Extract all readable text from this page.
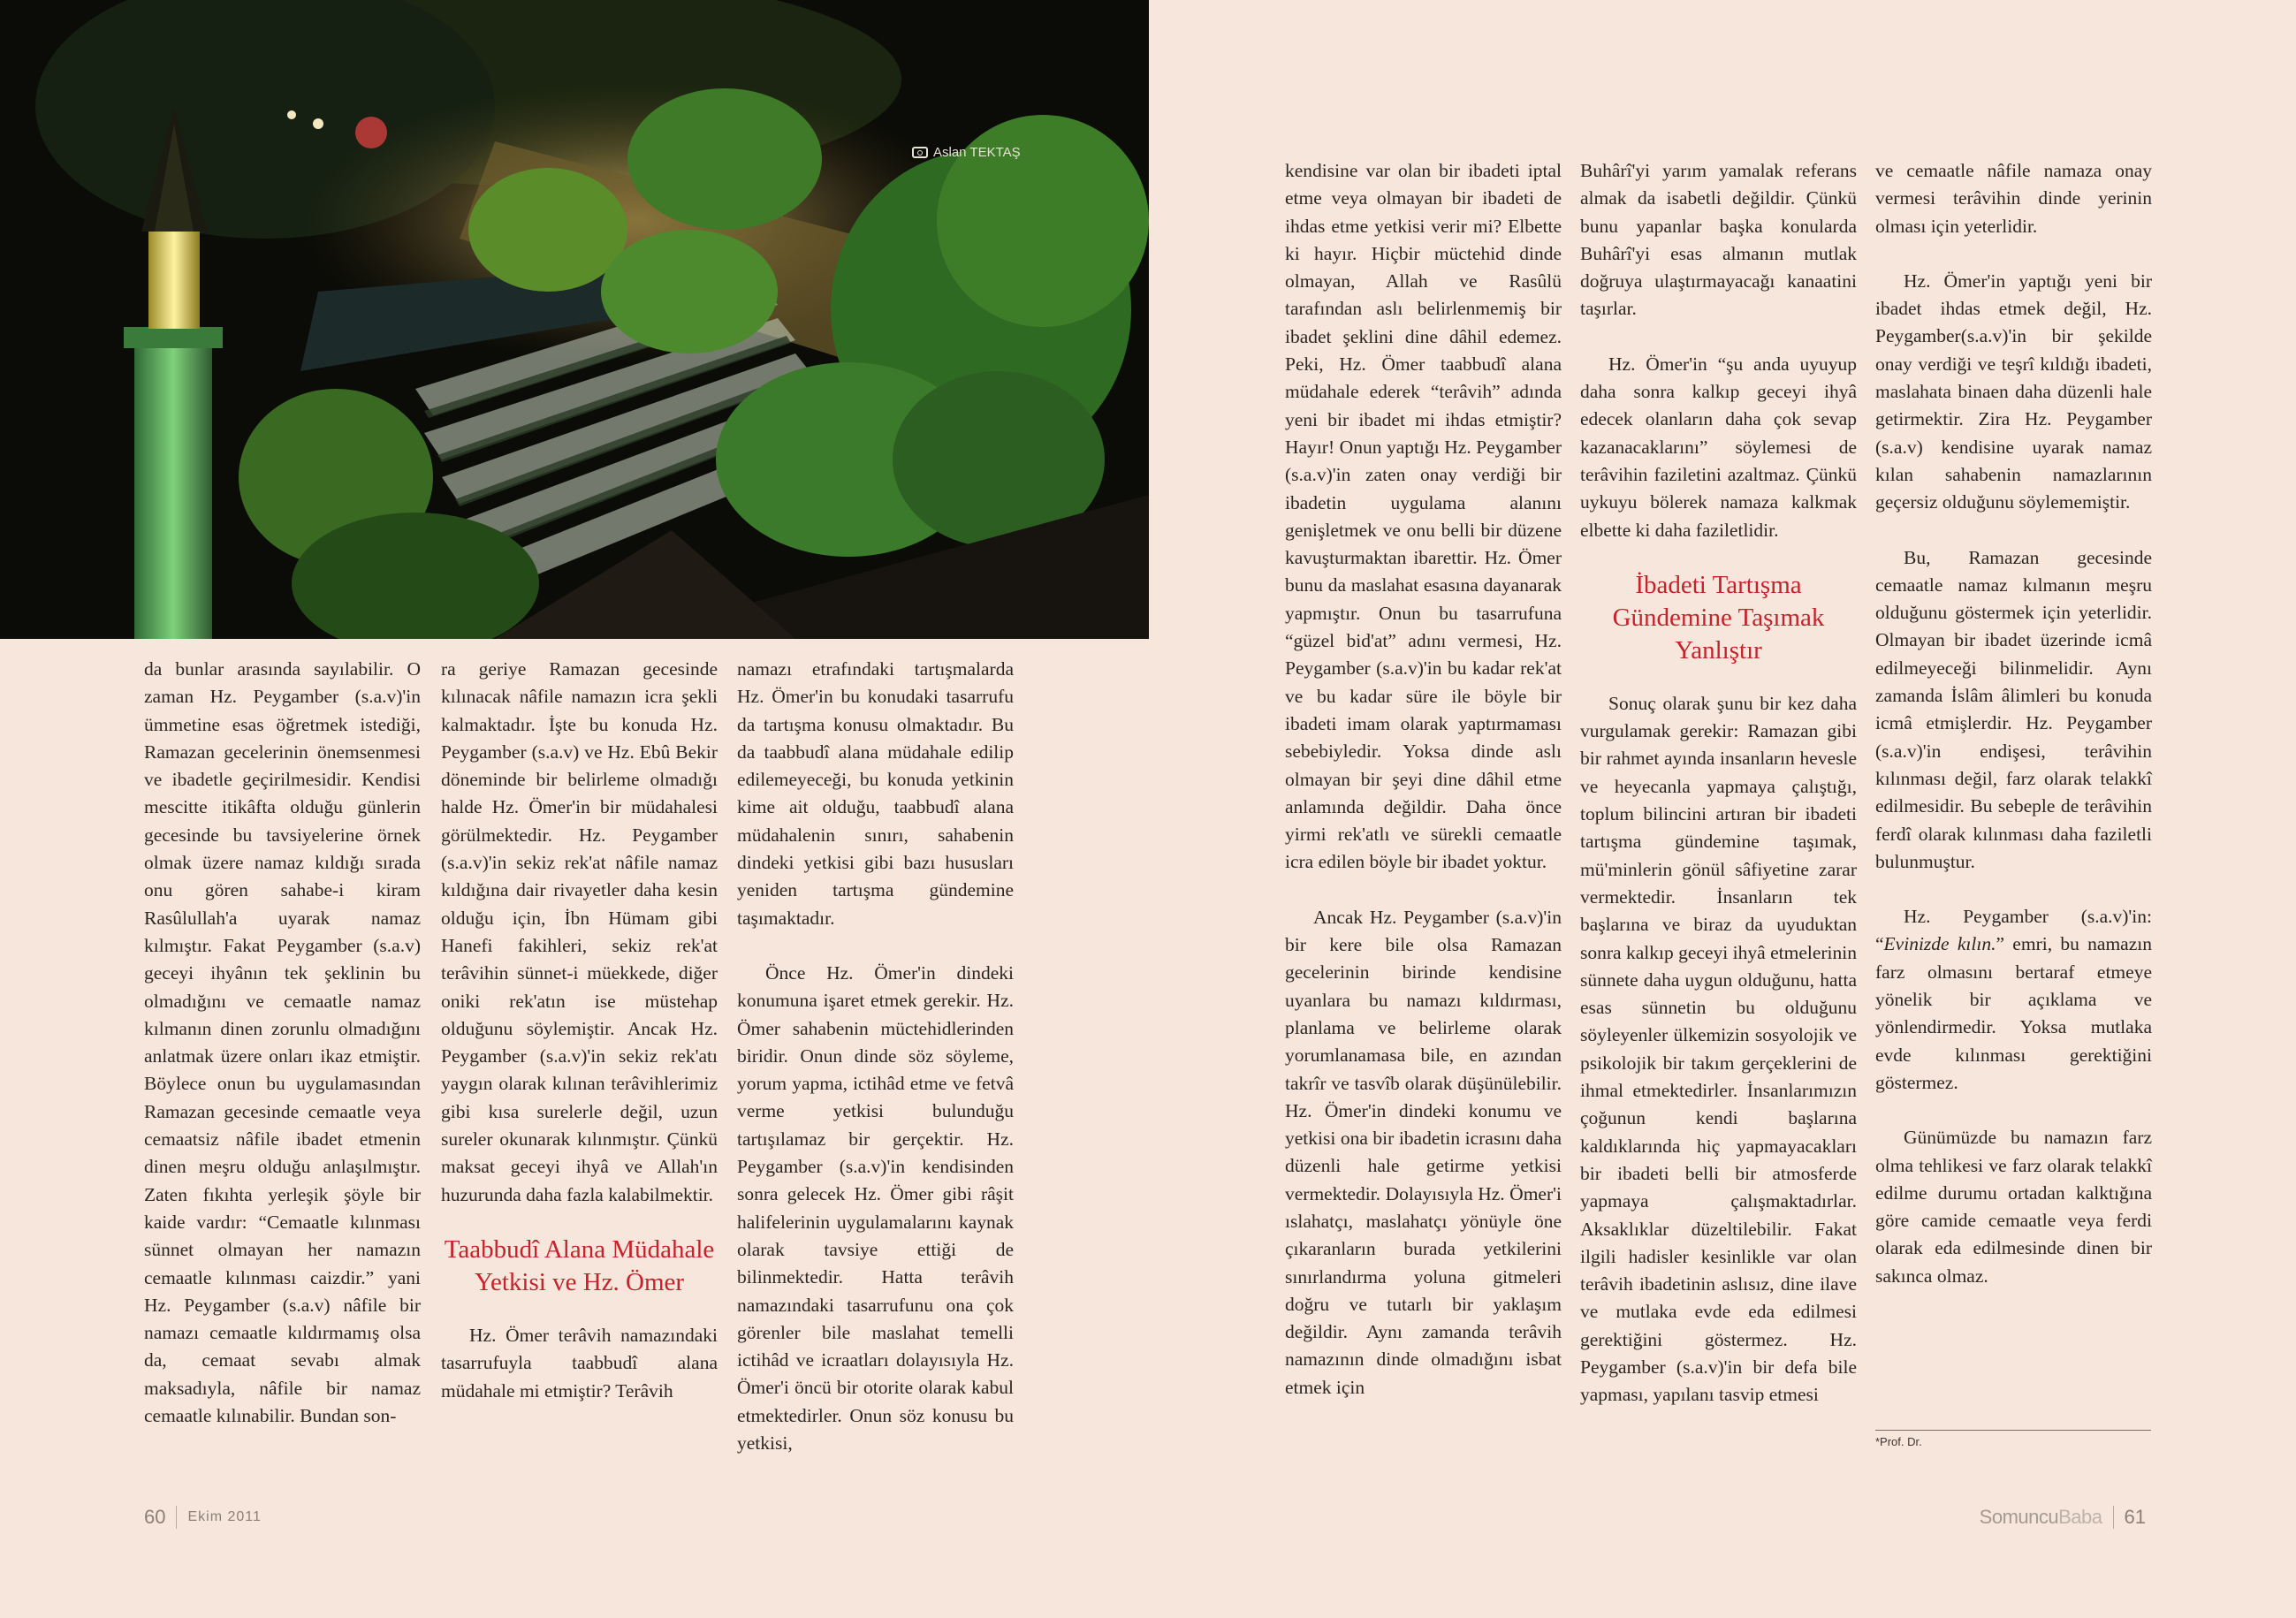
Aslan TEKTAŞ

da bunlar arasında sayılabilir. O zaman Hz. Peygamber (s.a.v)'in ümmetine esas öğretmek istediği, Ramazan gecelerinin önemsenmesi ve ibadetle geçirilmesidir. Kendisi mescitte itikâfta olduğu günlerin gecesinde bu tavsiyelerine örnek olmak üzere namaz kıldığı sırada onu gören sahabe-i kiram Rasûlullah'a uyarak namaz kılmıştır. Fakat Peygamber (s.a.v) geceyi ihyânın tek şeklinin bu olmadığını ve cemaatle namaz kılmanın dinen zorunlu olmadığını anlatmak üzere onları ikaz etmiştir. Böylece onun bu uygulamasından Ramazan gecesinde cemaatle veya cemaatsiz nâfile ibadet etmenin dinen meşru olduğu anlaşılmıştır. Zaten fıkıhta yerleşik şöyle bir kaide vardır: “Cemaatle kılınması sünnet olmayan her namazın cemaatle kılınması caizdir.” yani Hz. Peygamber (s.a.v) nâfile bir namazı cemaatle kıldırmamış olsa da, cemaat sevabı almak maksadıyla, nâfile bir namaz cemaatle kılınabilir. Bundan son-

ra geriye Ramazan gecesinde kılınacak nâfile namazın icra şekli kalmaktadır. İşte bu konuda Hz. Peygamber (s.a.v) ve Hz. Ebû Bekir döneminde bir belirleme olmadığı halde Hz. Ömer'in bir müdahalesi görülmektedir. Hz. Peygamber (s.a.v)'in sekiz rek'at nâfile namaz kıldığına dair rivayetler daha kesin olduğu için, İbn Hümam gibi Hanefi fakihleri, sekiz rek'at terâvihin sünnet-i müekkede, diğer oniki rek'atın ise müstehap olduğunu söylemiştir. Ancak Hz. Peygamber (s.a.v)'in sekiz rek'atı yaygın olarak kılınan terâvihlerimiz gibi kısa surelerle değil, uzun sureler okunarak kılınmıştır. Çünkü maksat geceyi ihyâ ve Allah'ın huzurunda daha fazla kalabilmektir.

Taabbudî Alana Müdahale Yetkisi ve Hz. Ömer

Hz. Ömer terâvih namazındaki tasarrufuyla taabbudî alana müdahale mi etmiştir? Terâvih

namazı etrafındaki tartışmalarda Hz. Ömer'in bu konudaki tasarrufu da tartışma konusu olmaktadır. Bu da taabbudî alana müdahale edilip edilemeyeceği, bu konuda yetkinin kime ait olduğu, taabbudî alana müdahalenin sınırı, sahabenin dindeki yetkisi gibi bazı hususları yeniden tartışma gündemine taşımaktadır.

Önce Hz. Ömer'in dindeki konumuna işaret etmek gerekir. Hz. Ömer sahabenin müctehidlerinden biridir. Onun dinde söz söyleme, yorum yapma, ictihâd etme ve fetvâ verme yetkisi bulunduğu tartışılamaz bir gerçektir. Hz. Peygamber (s.a.v)'in kendisinden sonra gelecek Hz. Ömer gibi râşit halifelerinin uygulamalarını kaynak olarak tavsiye ettiği de bilinmektedir. Hatta terâvih namazındaki tasarrufunu ona çok görenler bile maslahat temelli ictihâd ve icraatları dolayısıyla Hz. Ömer'i öncü bir otorite olarak kabul etmektedirler. Onun söz konusu bu yetkisi,

kendisine var olan bir ibadeti iptal etme veya olmayan bir ibadeti de ihdas etme yetkisi verir mi? Elbette ki hayır. Hiçbir müctehid dinde olmayan, Allah ve Rasûlü tarafından aslı belirlenmemiş bir ibadet şeklini dine dâhil edemez. Peki, Hz. Ömer taabbudî alana müdahale ederek “terâvih” adında yeni bir ibadet mi ihdas etmiştir? Hayır! Onun yaptığı Hz. Peygamber (s.a.v)'in zaten onay verdiği bir ibadetin uygulama alanını genişletmek ve onu belli bir düzene kavuşturmaktan ibarettir. Hz. Ömer bunu da maslahat esasına dayanarak yapmıştır. Onun bu tasarrufuna “güzel bid'at” adını vermesi, Hz. Peygamber (s.a.v)'in bu kadar rek'at ve bu kadar süre ile böyle bir ibadeti imam olarak yaptırmaması sebebiyledir. Yoksa dinde aslı olmayan bir şeyi dine dâhil etme anlamında değildir. Daha önce yirmi rek'atlı ve sürekli cemaatle icra edilen böyle bir ibadet yoktur.

Ancak Hz. Peygamber (s.a.v)'in bir kere bile olsa Ramazan gecelerinin birinde kendisine uyanlara bu namazı kıldırması, planlama ve belirleme olarak yorumlanamasa bile, en azından takrîr ve tasvîb olarak düşünülebilir. Hz. Ömer'in dindeki konumu ve yetkisi ona bir ibadetin icrasını daha düzenli hale getirme yetkisi vermektedir. Dolayısıyla Hz. Ömer'i ıslahatçı, maslahatçı yönüyle öne çıkaranların burada yetkilerini sınırlandırma yoluna gitmeleri doğru ve tutarlı bir yaklaşım değildir. Aynı zamanda terâvih namazının dinde olmadığını isbat etmek için

Buhârî'yi yarım yamalak referans almak da isabetli değildir. Çünkü bunu yapanlar başka konularda Buhârî'yi esas almanın mutlak doğruya ulaştırmayacağı kanaatini taşırlar.

Hz. Ömer'in “şu anda uyuyup daha sonra kalkıp geceyi ihyâ edecek olanların daha çok sevap kazanacaklarını” söylemesi de terâvihin faziletini azaltmaz. Çünkü uykuyu bölerek namaza kalkmak elbette ki daha faziletlidir.

İbadeti Tartışma Gündemine Taşımak Yanlıştır

Sonuç olarak şunu bir kez daha vurgulamak gerekir: Ramazan gibi bir rahmet ayında insanların hevesle ve heyecanla yapmaya çalıştığı, toplum bilincini artıran bir ibadeti tartışma gündemine taşımak, mü'minlerin gönül sâfiyetine zarar vermektedir. İnsanların tek başlarına ve biraz da uyuduktan sonra kalkıp geceyi ihyâ etmelerinin sünnete daha uygun olduğunu, hatta esas sünnetin bu olduğunu söyleyenler ülkemizin sosyolojik ve psikolojik bir takım gerçeklerini de ihmal etmektedirler. İnsanlarımızın çoğunun kendi başlarına kaldıklarında hiç yapmayacakları bir ibadeti belli bir atmosferde yapmaya çalışmaktadırlar. Aksaklıklar düzeltilebilir. Fakat ilgili hadisler kesinlikle var olan terâvih ibadetinin aslısız, dine ilave ve mutlaka evde eda edilmesi gerektiğini göstermez. Hz. Peygamber (s.a.v)'in bir defa bile yapması, yapılanı tasvip etmesi

ve cemaatle nâfile namaza onay vermesi terâvihin dinde yerinin olması için yeterlidir.

Hz. Ömer'in yaptığı yeni bir ibadet ihdas etmek değil, Hz. Peygamber(s.a.v)'in bir şekilde onay verdiği ve teşrî kıldığı ibadeti, maslahata binaen daha düzenli hale getirmektir. Zira Hz. Peygamber (s.a.v) kendisine uyarak namaz kılan sahabenin namazlarının geçersiz olduğunu söylememiştir.

Bu, Ramazan gecesinde cemaatle namaz kılmanın meşru olduğunu göstermek için yeterlidir. Olmayan bir ibadet üzerinde icmâ edilmeyeceği bilinmelidir. Aynı zamanda İslâm âlimleri bu konuda icmâ etmişlerdir. Hz. Peygamber (s.a.v)'in endişesi, terâvihin kılınması değil, farz olarak telakkî edilmesidir. Bu sebeple de terâvihin ferdî olarak kılınması daha faziletli bulunmuştur.

Hz. Peygamber (s.a.v)'in: “Evinizde kılın.” emri, bu namazın farz olmasını bertaraf etmeye yönelik bir açıklama ve yönlendirmedir. Yoksa mutlaka evde kılınması gerektiğini göstermez.

Günümüzde bu namazın farz olma tehlikesi ve farz olarak telakkî edilme durumu ortadan kalktığına göre camide cemaatle veya ferdi olarak eda edilmesinde dinen bir sakınca olmaz.

*Prof. Dr.
60 Ekim 2011	SomuncuBaba 61
